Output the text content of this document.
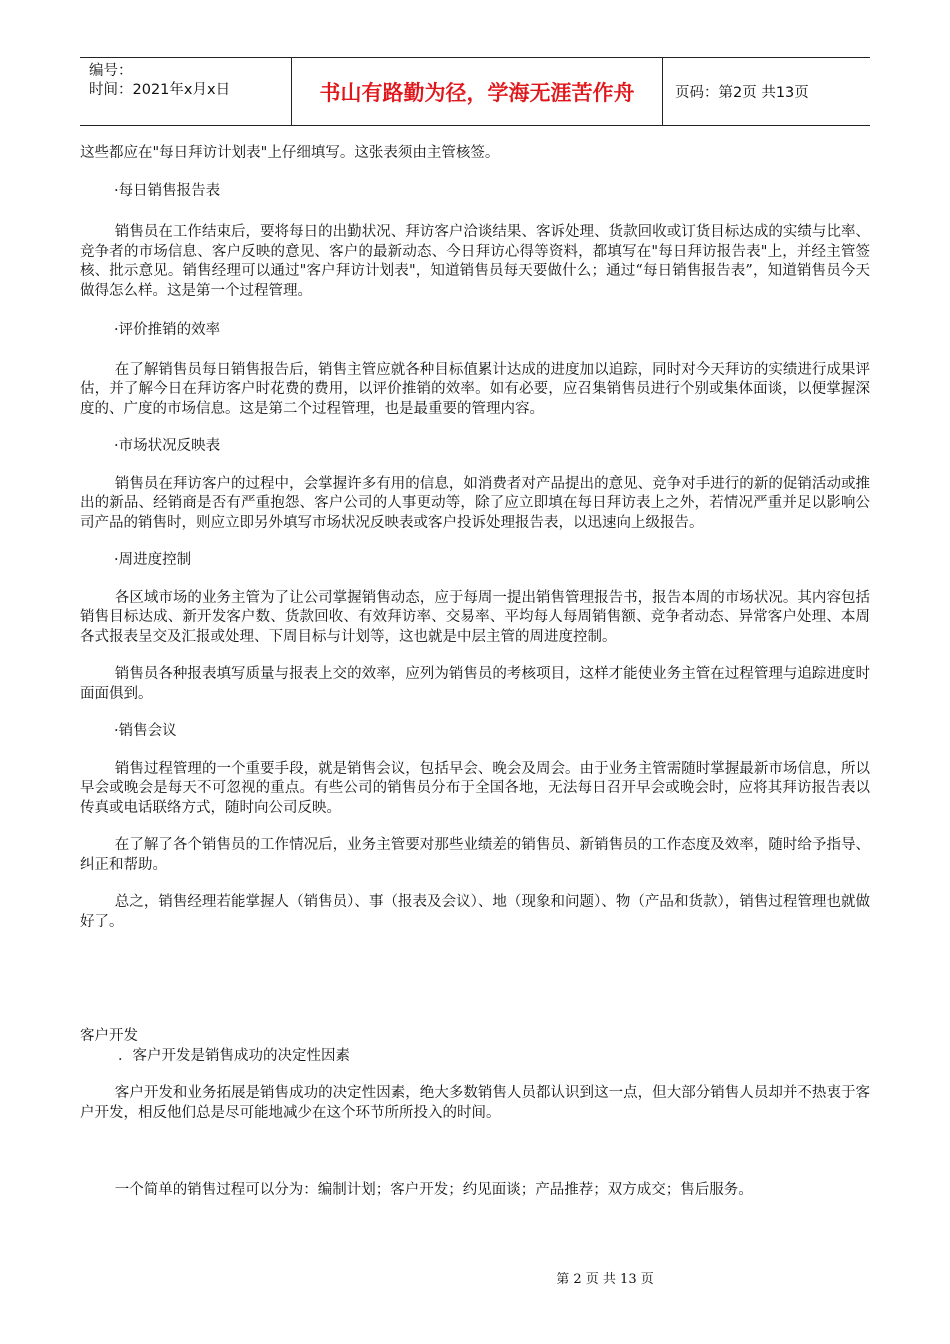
编号：
时间：2021年x月x日	书山有路勤为径，学海无涯苦作舟	页码：第2页 共13页

这些都应在"每日拜访计划表"上仔细填写。这张表须由主管核签。

·每日销售报告表

销售员在工作结束后，要将每日的出勤状况、拜访客户洽谈结果、客诉处理、货款回收或订货目标达成的实绩与比率、竞争者的市场信息、客户反映的意见、客户的最新动态、今日拜访心得等资料，都填写在"每日拜访报告表"上，并经主管签核、批示意见。销售经理可以通过"客户拜访计划表"，知道销售员每天要做什么；通过“每日销售报告表”，知道销售员今天做得怎么样。这是第一个过程管理。

·评价推销的效率

在了解销售员每日销售报告后，销售主管应就各种目标值累计达成的进度加以追踪，同时对今天拜访的实绩进行成果评估，并了解今日在拜访客户时花费的费用，以评价推销的效率。如有必要，应召集销售员进行个别或集体面谈，以便掌握深度的、广度的市场信息。这是第二个过程管理，也是最重要的管理内容。

·市场状况反映表

销售员在拜访客户的过程中，会掌握许多有用的信息，如消费者对产品提出的意见、竞争对手进行的新的促销活动或推出的新品、经销商是否有严重抱怨、客户公司的人事更动等，除了应立即填在每日拜访表上之外，若情况严重并足以影响公司产品的销售时，则应立即另外填写市场状况反映表或客户投诉处理报告表，以迅速向上级报告。

·周进度控制

各区域市场的业务主管为了让公司掌握销售动态，应于每周一提出销售管理报告书，报告本周的市场状况。其内容包括销售目标达成、新开发客户数、货款回收、有效拜访率、交易率、平均每人每周销售额、竞争者动态、异常客户处理、本周各式报表呈交及汇报或处理、下周目标与计划等，这也就是中层主管的周进度控制。

销售员各种报表填写质量与报表上交的效率，应列为销售员的考核项目，这样才能使业务主管在过程管理与追踪进度时面面俱到。

·销售会议

销售过程管理的一个重要手段，就是销售会议，包括早会、晚会及周会。由于业务主管需随时掌握最新市场信息，所以早会或晚会是每天不可忽视的重点。有些公司的销售员分布于全国各地，无法每日召开早会或晚会时，应将其拜访报告表以传真或电话联络方式，随时向公司反映。

在了解了各个销售员的工作情况后，业务主管要对那些业绩差的销售员、新销售员的工作态度及效率，随时给予指导、纠正和帮助。

总之，销售经理若能掌握人（销售员）、事（报表及会议）、地（现象和问题）、物（产品和货款），销售过程管理也就做好了。

客户开发

．客户开发是销售成功的决定性因素

客户开发和业务拓展是销售成功的决定性因素，绝大多数销售人员都认识到这一点，但大部分销售人员却并不热衷于客户开发，相反他们总是尽可能地减少在这个环节所所投入的时间。

一个简单的销售过程可以分为：编制计划；客户开发；约见面谈；产品推荐；双方成交；售后服务。

第 2 页 共 13 页
